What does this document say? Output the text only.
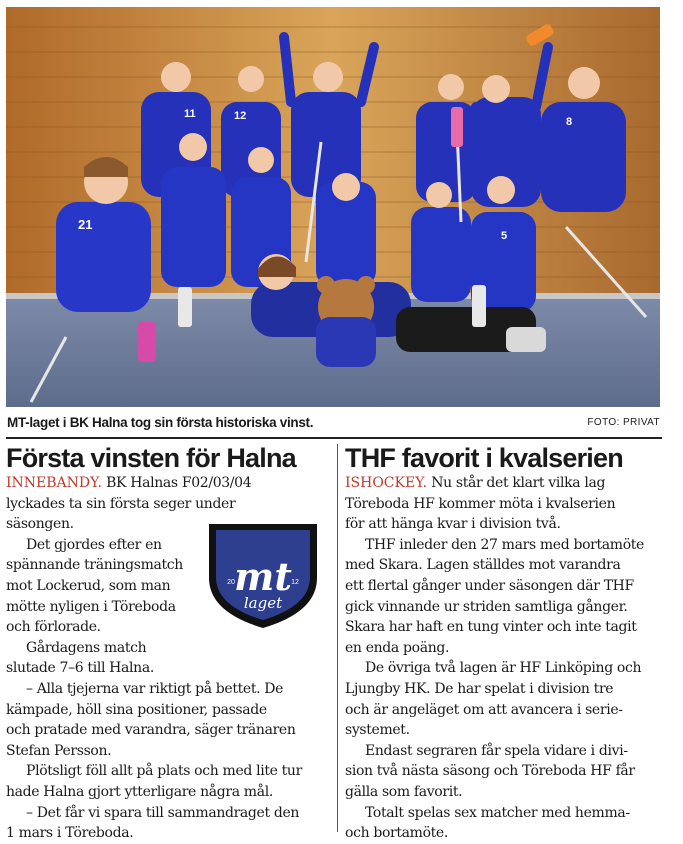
21
11	12	8
5
MT-laget i BK Halna tog sin första historiska vinst.	FOTO: PRIVAT
Första vinsten för Halna

INNEBANDY. BK Halnas F02/03/04

lyckades ta sin första seger under

säsongen.

Det gjordes efter en

spännande träningsmatch

mot Lockerud, som man

mötte nyligen i Töreboda

och förlorade.

Gårdagens match

slutade 7–6 till Halna.

– Alla tjejerna var riktigt på bettet. De

kämpade, höll sina positioner, passade

och pratade med varandra, säger tränaren

Stefan Persson.

Plötsligt föll allt på plats och med lite tur

hade Halna gjort ytterligare några mål.

– Det får vi spara till sammandraget den

1 mars i Töreboda.

mt
laget
20	12
THF favorit i kvalserien

ISHOCKEY. Nu står det klart vilka lag

Töreboda HF kommer möta i kvalserien

för att hänga kvar i division två.

THF inleder den 27 mars med bortamöte

med Skara. Lagen ställdes mot varandra

ett flertal gånger under säsongen där THF

gick vinnande ur striden samtliga gånger.

Skara har haft en tung vinter och inte tagit

en enda poäng.

De övriga två lagen är HF Linköping och

Ljungby HK. De har spelat i division tre

och är angeläget om att avancera i serie-

systemet.

Endast segraren får spela vidare i divi-

sion två nästa säsong och Töreboda HF får

gälla som favorit.

Totalt spelas sex matcher med hemma-

och bortamöte.
